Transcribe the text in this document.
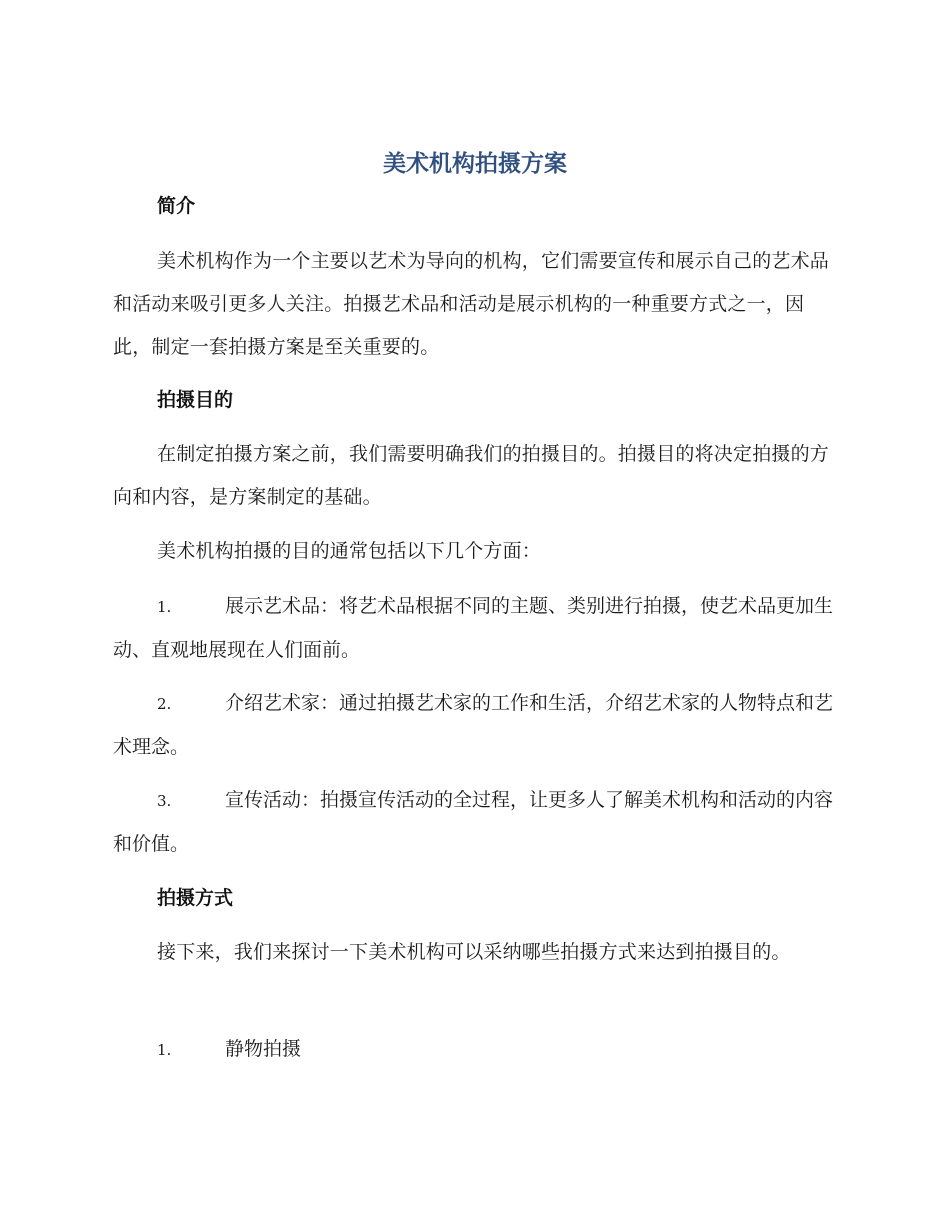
美术机构拍摄方案
简介
美术机构作为一个主要以艺术为导向的机构，它们需要宣传和展示自己的艺术品和活动来吸引更多人关注。拍摄艺术品和活动是展示机构的一种重要方式之一，因此，制定一套拍摄方案是至关重要的。
拍摄目的
在制定拍摄方案之前，我们需要明确我们的拍摄目的。拍摄目的将决定拍摄的方向和内容，是方案制定的基础。
美术机构拍摄的目的通常包括以下几个方面：
1.	展示艺术品：将艺术品根据不同的主题、类别进行拍摄，使艺术品更加生动、直观地展现在人们面前。
2.	介绍艺术家：通过拍摄艺术家的工作和生活，介绍艺术家的人物特点和艺术理念。
3.	宣传活动：拍摄宣传活动的全过程，让更多人了解美术机构和活动的内容和价值。
拍摄方式
接下来，我们来探讨一下美术机构可以采纳哪些拍摄方式来达到拍摄目的。
1.	静物拍摄
